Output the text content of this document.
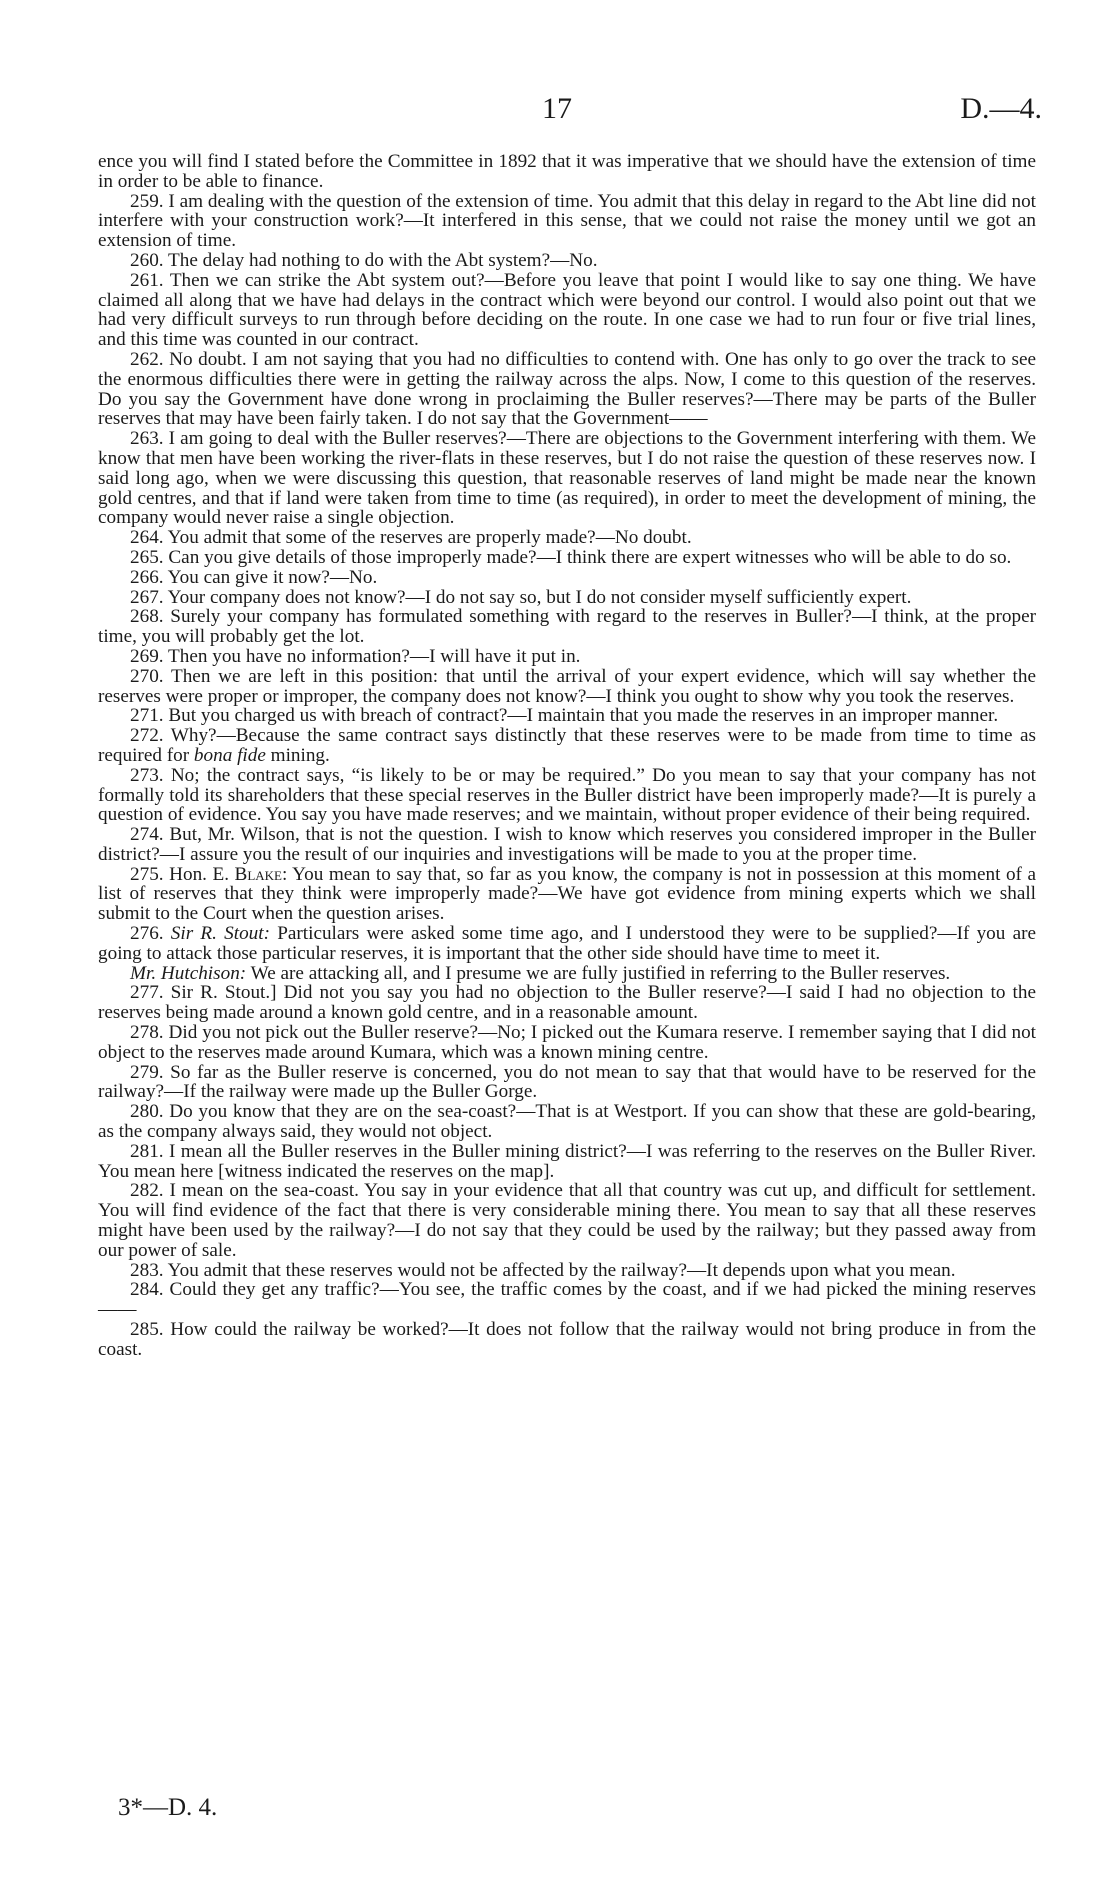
17	D.—4.

ence you will find I stated before the Committee in 1892 that it was imperative that we should have the extension of time in order to be able to finance.

259. I am dealing with the question of the extension of time. You admit that this delay in regard to the Abt line did not interfere with your construction work?—It interfered in this sense, that we could not raise the money until we got an extension of time.

260. The delay had nothing to do with the Abt system?—No.

261. Then we can strike the Abt system out?—Before you leave that point I would like to say one thing. We have claimed all along that we have had delays in the contract which were beyond our control. I would also point out that we had very difficult surveys to run through before deciding on the route. In one case we had to run four or five trial lines, and this time was counted in our contract.

262. No doubt. I am not saying that you had no difficulties to contend with. One has only to go over the track to see the enormous difficulties there were in getting the railway across the alps. Now, I come to this question of the reserves. Do you say the Government have done wrong in proclaiming the Buller reserves?—There may be parts of the Buller reserves that may have been fairly taken. I do not say that the Government——

263. I am going to deal with the Buller reserves?—There are objections to the Government interfering with them. We know that men have been working the river-flats in these reserves, but I do not raise the question of these reserves now. I said long ago, when we were discussing this question, that reasonable reserves of land might be made near the known gold centres, and that if land were taken from time to time (as required), in order to meet the development of mining, the company would never raise a single objection.

264. You admit that some of the reserves are properly made?—No doubt.

265. Can you give details of those improperly made?—I think there are expert witnesses who will be able to do so.

266. You can give it now?—No.

267. Your company does not know?—I do not say so, but I do not consider myself sufficiently expert.

268. Surely your company has formulated something with regard to the reserves in Buller?—I think, at the proper time, you will probably get the lot.

269. Then you have no information?—I will have it put in.

270. Then we are left in this position: that until the arrival of your expert evidence, which will say whether the reserves were proper or improper, the company does not know?—I think you ought to show why you took the reserves.

271. But you charged us with breach of contract?—I maintain that you made the reserves in an improper manner.

272. Why?—Because the same contract says distinctly that these reserves were to be made from time to time as required for bona fide mining.

273. No; the contract says, “is likely to be or may be required.” Do you mean to say that your company has not formally told its shareholders that these special reserves in the Buller district have been improperly made?—It is purely a question of evidence. You say you have made reserves; and we maintain, without proper evidence of their being required.

274. But, Mr. Wilson, that is not the question. I wish to know which reserves you considered improper in the Buller district?—I assure you the result of our inquiries and investigations will be made to you at the proper time.

275. Hon. E. Blake: You mean to say that, so far as you know, the company is not in possession at this moment of a list of reserves that they think were improperly made?—We have got evidence from mining experts which we shall submit to the Court when the question arises.

276. Sir R. Stout: Particulars were asked some time ago, and I understood they were to be supplied?—If you are going to attack those particular reserves, it is important that the other side should have time to meet it.

Mr. Hutchison: We are attacking all, and I presume we are fully justified in referring to the Buller reserves.

277. Sir R. Stout.] Did not you say you had no objection to the Buller reserve?—I said I had no objection to the reserves being made around a known gold centre, and in a reasonable amount.

278. Did you not pick out the Buller reserve?—No; I picked out the Kumara reserve. I remember saying that I did not object to the reserves made around Kumara, which was a known mining centre.

279. So far as the Buller reserve is concerned, you do not mean to say that that would have to be reserved for the railway?—If the railway were made up the Buller Gorge.

280. Do you know that they are on the sea-coast?—That is at Westport. If you can show that these are gold-bearing, as the company always said, they would not object.

281. I mean all the Buller reserves in the Buller mining district?—I was referring to the reserves on the Buller River. You mean here [witness indicated the reserves on the map].

282. I mean on the sea-coast. You say in your evidence that all that country was cut up, and difficult for settlement. You will find evidence of the fact that there is very considerable mining there. You mean to say that all these reserves might have been used by the railway?—I do not say that they could be used by the railway; but they passed away from our power of sale.

283. You admit that these reserves would not be affected by the railway?—It depends upon what you mean.

284. Could they get any traffic?—You see, the traffic comes by the coast, and if we had picked the mining reserves——

285. How could the railway be worked?—It does not follow that the railway would not bring produce in from the coast.

3*—D. 4.
